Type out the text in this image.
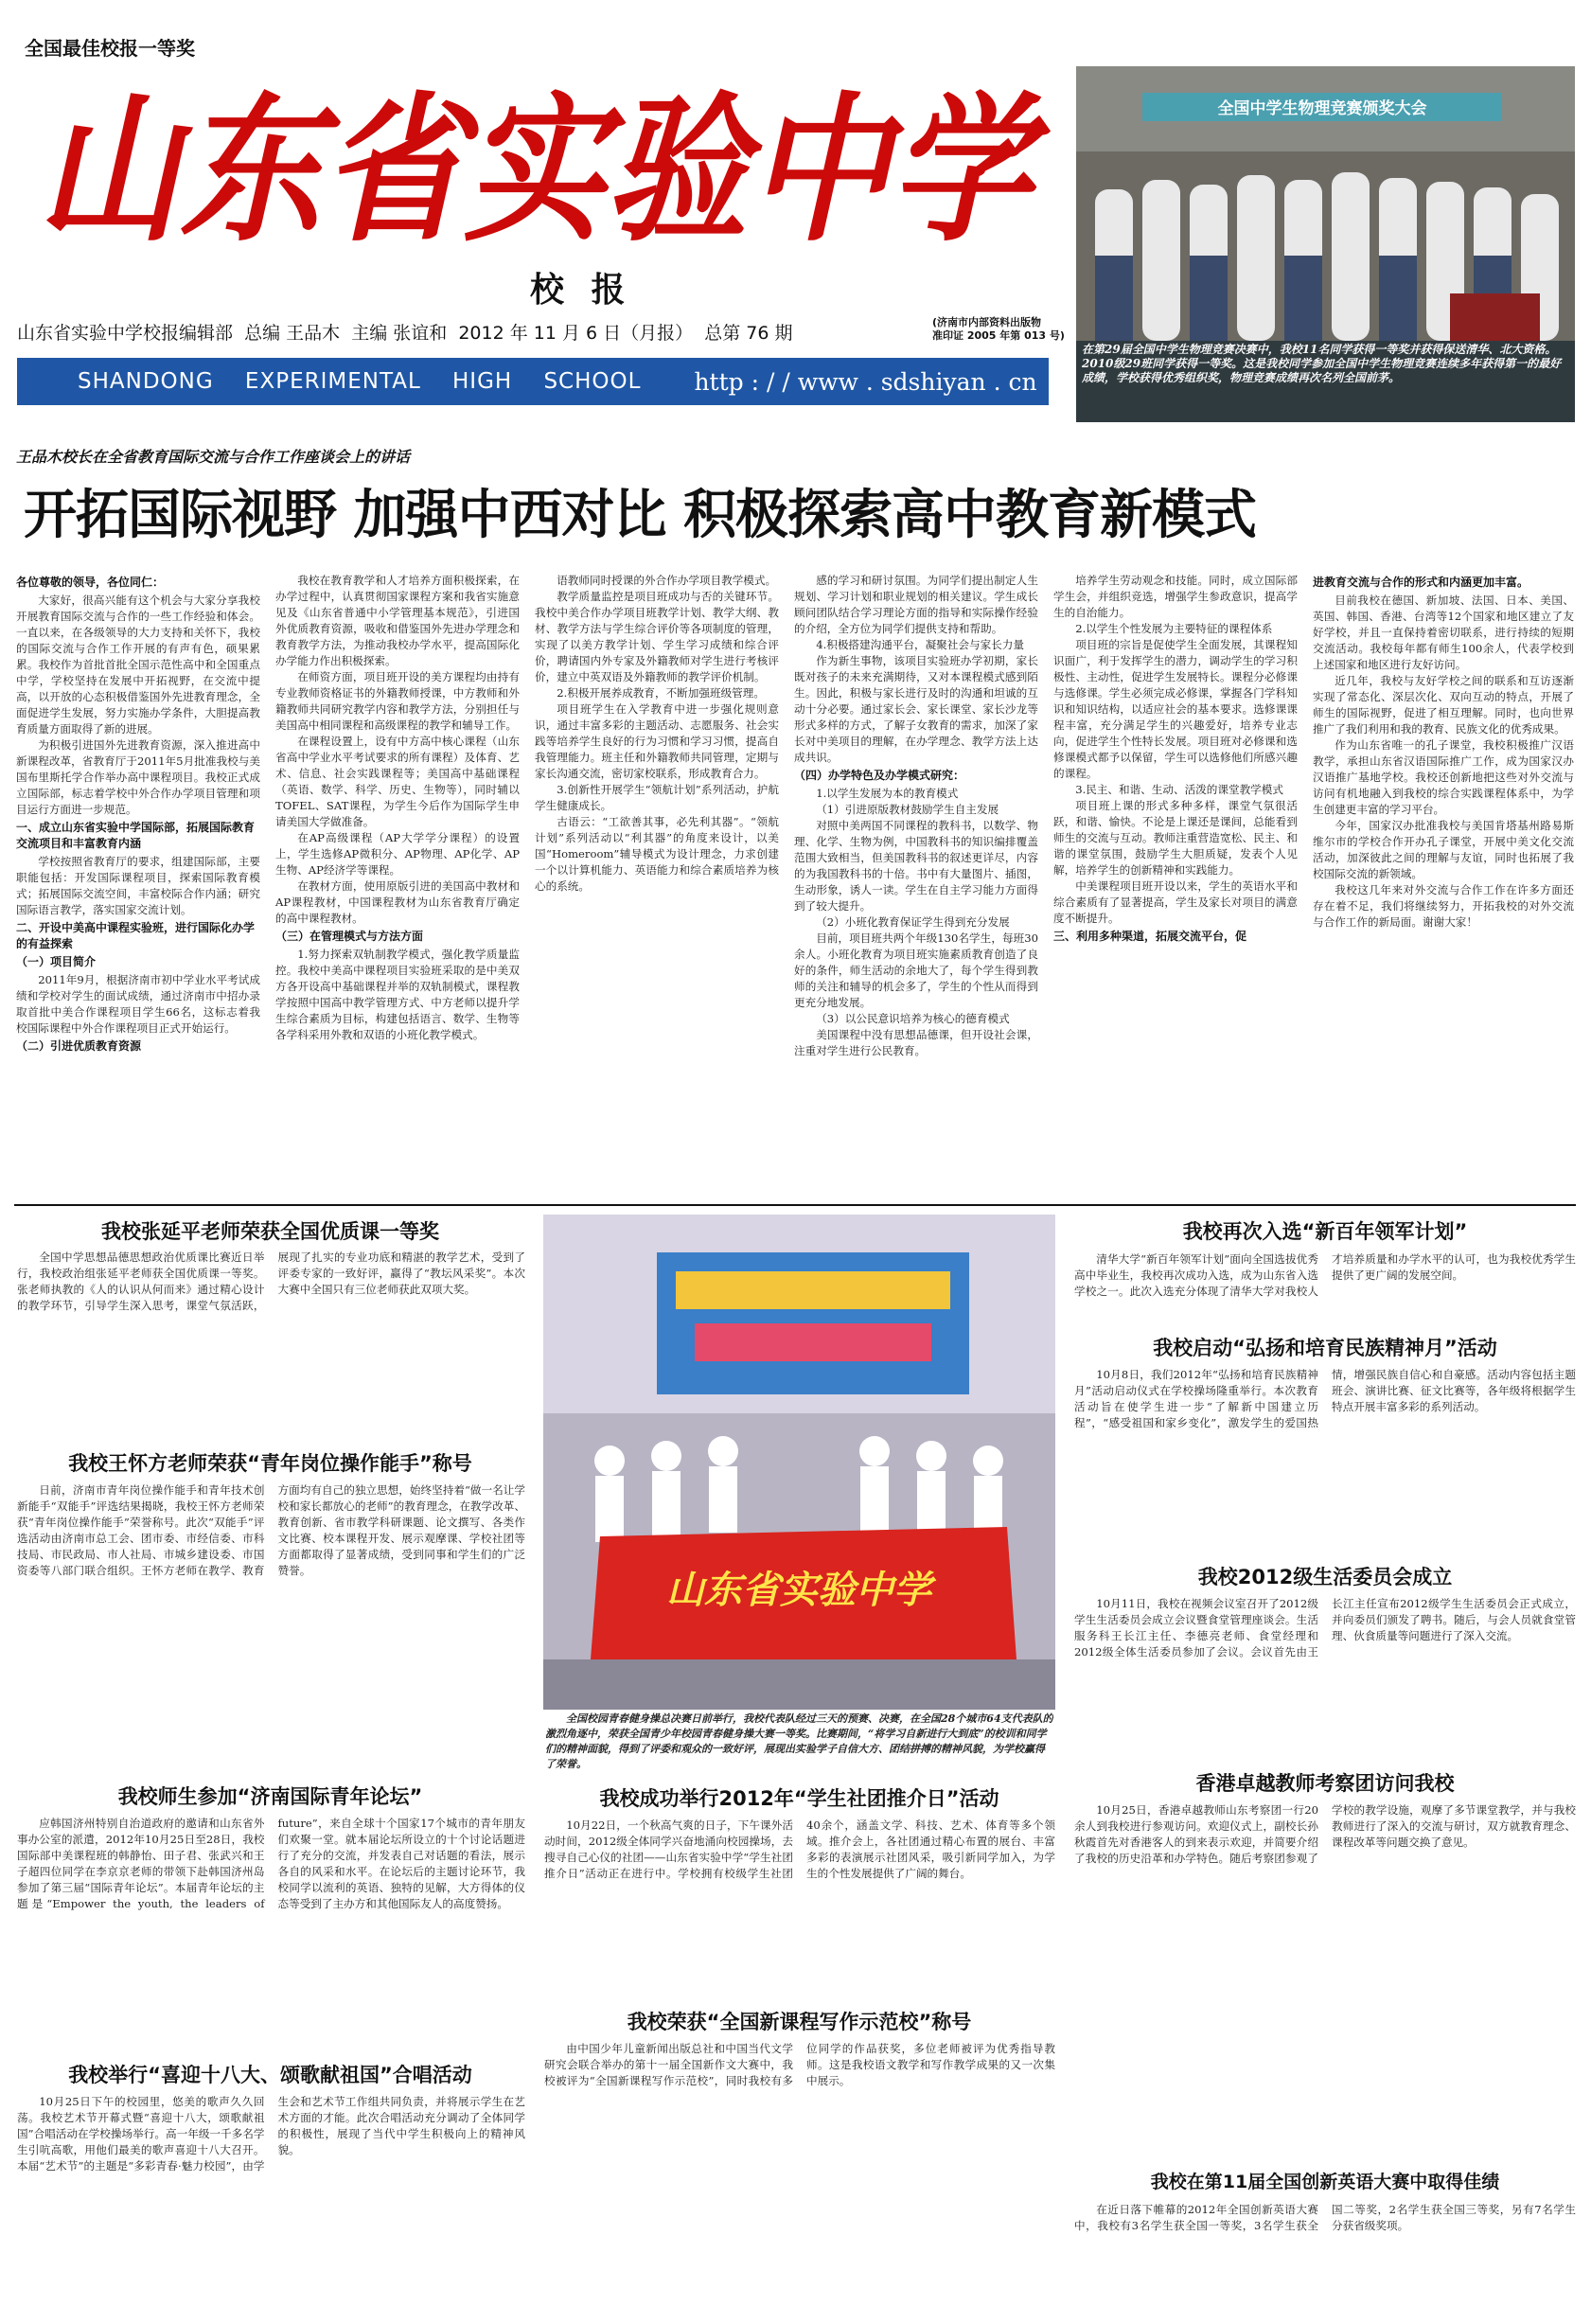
全国最佳校报一等奖
山东省实验中学
校 报
山东省实验中学校报编辑部  总编 王品木  主编 张谊和  2012 年 11 月 6 日（月报）  总第 76 期
(济南市内部资料出版物
准印证 2005 年第 013 号)
SHANDONG    EXPERIMENTAL    HIGH    SCHOOL http : / / www . sdshiyan . cn
全国中学生物理竞赛颁奖大会
在第29届全国中学生物理竞赛决赛中，我校11名同学获得一等奖并获得保送清华、北大资格。2010级29班同学获得一等奖。这是我校同学参加全国中学生物理竞赛连续多年获得第一的最好成绩，学校获得优秀组织奖，物理竞赛成绩再次名列全国前茅。
王品木校长在全省教育国际交流与合作工作座谈会上的讲话
开拓国际视野 加强中西对比 积极探索高中教育新模式

各位尊敬的领导，各位同仁：

大家好，很高兴能有这个机会与大家分享我校开展教育国际交流与合作的一些工作经验和体会。一直以来，在各级领导的大力支持和关怀下，我校的国际交流与合作工作开展的有声有色，硕果累累。我校作为首批首批全国示范性高中和全国重点中学，学校坚持在发展中开拓视野，在交流中提高，以开放的心态积极借鉴国外先进教育理念，全面促进学生发展，努力实施办学条件，大胆提高教育质量方面取得了新的进展。

为积极引进国外先进教育资源，深入推进高中新课程改革，省教育厅于2011年5月批准我校与美国布里斯托学合作举办高中课程项目。我校正式成立国际部，标志着学校中外合作办学项目管理和项目运行方面进一步规范。

一、成立山东省实验中学国际部，拓展国际教育交流项目和丰富教育内涵

学校按照省教育厅的要求，组建国际部，主要职能包括：开发国际课程项目，探索国际教育模式；拓展国际交流空间，丰富校际合作内涵；研究国际语言教学，落实国家交流计划。

二、开设中美高中课程实验班，进行国际化办学的有益探索

（一）项目简介

2011年9月，根据济南市初中学业水平考试成绩和学校对学生的面试成绩，通过济南市中招办录取首批中美合作课程项目学生66名，这标志着我校国际课程中外合作课程项目正式开始运行。

（二）引进优质教育资源

我校在教育教学和人才培养方面积极探索，在办学过程中，认真贯彻国家课程方案和我省实施意见及《山东省普通中小学管理基本规范》，引进国外优质教育资源，吸收和借鉴国外先进办学理念和教育教学方法，为推动我校办学水平，提高国际化办学能力作出积极探索。

在师资方面，项目班开设的美方课程均由持有专业教师资格证书的外籍教师授课，中方教师和外籍教师共同研究教学内容和教学方法，分别担任与美国高中相同课程和高级课程的教学和辅导工作。

在课程设置上，设有中方高中核心课程（山东省高中学业水平考试要求的所有课程）及体育、艺术、信息、社会实践课程等；美国高中基础课程（英语、数学、科学、历史、生物等），同时辅以TOFEL、SAT课程，为学生今后作为国际学生申请美国大学做准备。

在AP高级课程（AP大学学分课程）的设置上，学生选修AP微积分、AP物理、AP化学、AP生物、AP经济学等课程。

在教材方面，使用原版引进的美国高中教材和AP课程教材，中国课程教材为山东省教育厅确定的高中课程教材。

（三）在管理模式与方法方面

1.努力探索双轨制教学模式，强化教学质量监控。我校中美高中课程项目实验班采取的是中美双方各开设高中基础课程并举的双轨制模式，课程教学按照中国高中教学管理方式、中方老师以提升学生综合素质为目标，构建包括语言、数学、生物等各学科采用外教和双语的小班化教学模式。

语教师同时授课的外合作办学项目教学模式。

教学质量监控是项目班成功与否的关键环节。我校中美合作办学项目班教学计划、教学大纲、教材、教学方法与学生综合评价等各项制度的管理，实现了以美方教学计划、学生学习成绩和综合评价，聘请国内外专家及外籍教师对学生进行考核评价，建立中英双语及外籍教师的教学评价机制。

2.积极开展养成教育，不断加强班级管理。

项目班学生在入学教育中进一步强化规则意识，通过丰富多彩的主题活动、志愿服务、社会实践等培养学生良好的行为习惯和学习习惯，提高自我管理能力。班主任和外籍教师共同管理，定期与家长沟通交流，密切家校联系，形成教育合力。

3.创新性开展学生“领航计划”系列活动，护航学生健康成长。

古语云：“工欲善其事，必先利其器”。“领航计划”系列活动以“利其器”的角度来设计，以美国“Homeroom”辅导模式为设计理念，力求创建一个以计算机能力、英语能力和综合素质培养为核心的系统。

感的学习和研讨氛围。为同学们提出制定人生规划、学习计划和职业规划的相关建议。学生成长顾问团队结合学习理论方面的指导和实际操作经验的介绍，全方位为同学们提供支持和帮助。

4.积极搭建沟通平台，凝聚社会与家长力量

作为新生事物，该项目实验班办学初期，家长既对孩子的未来充满期待，又对本课程模式感到陌生。因此，积极与家长进行及时的沟通和坦诚的互动十分必要。通过家长会、家长课堂、家长沙龙等形式多样的方式，了解子女教育的需求，加深了家长对中美项目的理解，在办学理念、教学方法上达成共识。

（四）办学特色及办学模式研究：

1.以学生发展为本的教育模式

（1）引进原版教材鼓励学生自主发展

对照中美两国不同课程的教科书，以数学、物理、化学、生物为例，中国教科书的知识编排覆盖范围大致相当，但美国教科书的叙述更详尽，内容的为我国教科书的十倍。书中有大量图片、插图，生动形象，诱人一读。学生在自主学习能力方面得到了较大提升。

（2）小班化教育保证学生得到充分发展

目前，项目班共两个年级130名学生，每班30余人。小班化教育为项目班实施素质教育创造了良好的条件，师生活动的余地大了，每个学生得到教师的关注和辅导的机会多了，学生的个性从而得到更充分地发展。

（3）以公民意识培养为核心的德育模式

美国课程中没有思想品德课，但开设社会课，注重对学生进行公民教育。

培养学生劳动观念和技能。同时，成立国际部学生会，并组织竞选，增强学生参政意识，提高学生的自治能力。

2.以学生个性发展为主要特征的课程体系

项目班的宗旨是促使学生全面发展，其课程知识面广，利于发挥学生的潜力，调动学生的学习积极性、主动性，促进学生发展特长。课程分必修课与选修课。学生必须完成必修课，掌握各门学科知识和知识结构，以适应社会的基本要求。选修课课程丰富，充分满足学生的兴趣爱好，培养专业志向，促进学生个性特长发展。项目班对必修课和选修课模式都予以保留，学生可以选修他们所感兴趣的课程。

3.民主、和谐、生动、活泼的课堂教学模式

项目班上课的形式多种多样，课堂气氛很活跃，和谐、愉快。不论是上课还是课间，总能看到师生的交流与互动。教师注重营造宽松、民主、和谐的课堂氛围，鼓励学生大胆质疑，发表个人见解，培养学生的创新精神和实践能力。

中美课程项目班开设以来，学生的英语水平和综合素质有了显著提高，学生及家长对项目的满意度不断提升。

三、利用多种渠道，拓展交流平台，促

进教育交流与合作的形式和内涵更加丰富。

目前我校在德国、新加坡、法国、日本、美国、英国、韩国、香港、台湾等12个国家和地区建立了友好学校，并且一直保持着密切联系，进行持续的短期交流活动。我校每年都有师生100余人，代表学校到上述国家和地区进行友好访问。

近几年，我校与友好学校之间的联系和互访逐渐实现了常态化、深层次化、双向互动的特点，开展了师生的国际视野，促进了相互理解。同时，也向世界推广了我们利用和我的教育、民族文化的优秀成果。

作为山东省唯一的孔子课堂，我校积极推广汉语教学，承担山东省汉语国际推广工作，成为国家汉办汉语推广基地学校。我校还创新地把这些对外交流与访问有机地融入到我校的综合实践课程体系中，为学生创建更丰富的学习平台。

今年，国家汉办批准我校与美国肯塔基州路易斯维尔市的学校合作开办孔子课堂，开展中美文化交流活动，加深彼此之间的理解与友谊，同时也拓展了我校国际交流的新领域。

我校这几年来对外交流与合作工作在许多方面还存在着不足，我们将继续努力，开拓我校的对外交流与合作工作的新局面。谢谢大家！

我校张延平老师荣获全国优质课一等奖

全国中学思想品德思想政治优质课比赛近日举行，我校政治组张延平老师获全国优质课一等奖。张老师执教的《人的认识从何而来》通过精心设计的教学环节，引导学生深入思考，课堂气氛活跃，展现了扎实的专业功底和精湛的教学艺术，受到了评委专家的一致好评，赢得了“教坛风采奖”。本次大赛中全国只有三位老师获此双项大奖。

我校王怀方老师荣获“青年岗位操作能手”称号

日前，济南市青年岗位操作能手和青年技术创新能手“双能手”评选结果揭晓，我校王怀方老师荣获“青年岗位操作能手”荣誉称号。此次“双能手”评选活动由济南市总工会、团市委、市经信委、市科技局、市民政局、市人社局、市城乡建设委、市国资委等八部门联合组织。王怀方老师在教学、教育方面均有自己的独立思想，始终坚持着“做一名让学校和家长都放心的老师”的教育理念，在教学改革、教育创新、省市教学科研课题、论文撰写、各类作文比赛、校本课程开发、展示观摩课、学校社团等方面都取得了显著成绩，受到同事和学生们的广泛赞誉。

我校师生参加“济南国际青年论坛”

应韩国济州特别自治道政府的邀请和山东省外事办公室的派遣，2012年10月25日至28日，我校国际部中美课程班的韩静怡、田子君、张武兴和王子超四位同学在李京京老师的带领下赴韩国济州岛参加了第三届“国际青年论坛”。本届青年论坛的主题是“Empower the youth, the leaders of future”，来自全球十个国家17个城市的青年朋友们欢聚一堂。就本届论坛所设立的十个讨论话题进行了充分的交流，并发表自己对话题的看法，展示各自的风采和水平。在论坛后的主题讨论环节，我校同学以流利的英语、独特的见解，大方得体的仪态等受到了主办方和其他国际友人的高度赞扬。

我校举行“喜迎十八大、颂歌献祖国”合唱活动

10月25日下午的校园里，悠美的歌声久久回荡。我校艺术节开幕式暨“喜迎十八大，颂歌献祖国”合唱活动在学校操场举行。高一年级一千多名学生引吭高歌，用他们最美的歌声喜迎十八大召开。本届“艺术节”的主题是“多彩青春·魅力校园”，由学生会和艺术节工作组共同负责，并将展示学生在艺术方面的才能。此次合唱活动充分调动了全体同学的积极性，展现了当代中学生积极向上的精神风貌。

山东省实验中学

全国校园青春健身操总决赛日前举行，我校代表队经过三天的预赛、决赛，在全国28个城市64支代表队的激烈角逐中，荣获全国青少年校园青春健身操大赛一等奖。比赛期间，“将学习自新进行大到底”的校训和同学们的精神面貌，得到了评委和观众的一致好评，展现出实验学子自信大方、团结拼搏的精神风貌，为学校赢得了荣誉。

我校成功举行2012年“学生社团推介日”活动

10月22日，一个秋高气爽的日子，下午课外活动时间，2012级全体同学兴奋地涌向校园操场，去搜寻自己心仪的社团——山东省实验中学“学生社团推介日”活动正在进行中。学校拥有校级学生社团40余个，涵盖文学、科技、艺术、体育等多个领域。推介会上，各社团通过精心布置的展台、丰富多彩的表演展示社团风采，吸引新同学加入，为学生的个性发展提供了广阔的舞台。

我校荣获“全国新课程写作示范校”称号

由中国少年儿童新闻出版总社和中国当代文学研究会联合举办的第十一届全国新作文大赛中，我校被评为“全国新课程写作示范校”，同时我校有多位同学的作品获奖，多位老师被评为优秀指导教师。这是我校语文教学和写作教学成果的又一次集中展示。

我校再次入选“新百年领军计划”

清华大学“新百年领军计划”面向全国选拔优秀高中毕业生，我校再次成功入选，成为山东省入选学校之一。此次入选充分体现了清华大学对我校人才培养质量和办学水平的认可，也为我校优秀学生提供了更广阔的发展空间。

我校启动“弘扬和培育民族精神月”活动

10月8日，我们2012年“弘扬和培育民族精神月”活动启动仪式在学校操场隆重举行。本次教育活动旨在使学生进一步“了解新中国建立历程”，“感受祖国和家乡变化”，激发学生的爱国热情，增强民族自信心和自豪感。活动内容包括主题班会、演讲比赛、征文比赛等，各年级将根据学生特点开展丰富多彩的系列活动。

我校2012级生活委员会成立

10月11日，我校在视频会议室召开了2012级学生生活委员会成立会议暨食堂管理座谈会。生活服务科王长江主任、李德亮老师、食堂经理和2012级全体生活委员参加了会议。会议首先由王长江主任宣布2012级学生生活委员会正式成立，并向委员们颁发了聘书。随后，与会人员就食堂管理、伙食质量等问题进行了深入交流。

香港卓越教师考察团访问我校

10月25日，香港卓越教师山东考察团一行20余人到我校进行参观访问。欢迎仪式上，副校长孙秋霞首先对香港客人的到来表示欢迎，并简要介绍了我校的历史沿革和办学特色。随后考察团参观了学校的教学设施，观摩了多节课堂教学，并与我校教师进行了深入的交流与研讨，双方就教育理念、课程改革等问题交换了意见。

我校在第11届全国创新英语大赛中取得佳绩

在近日落下帷幕的2012年全国创新英语大赛中，我校有3名学生获全国一等奖，3名学生获全国二等奖，2名学生获全国三等奖，另有7名学生分获省级奖项。
